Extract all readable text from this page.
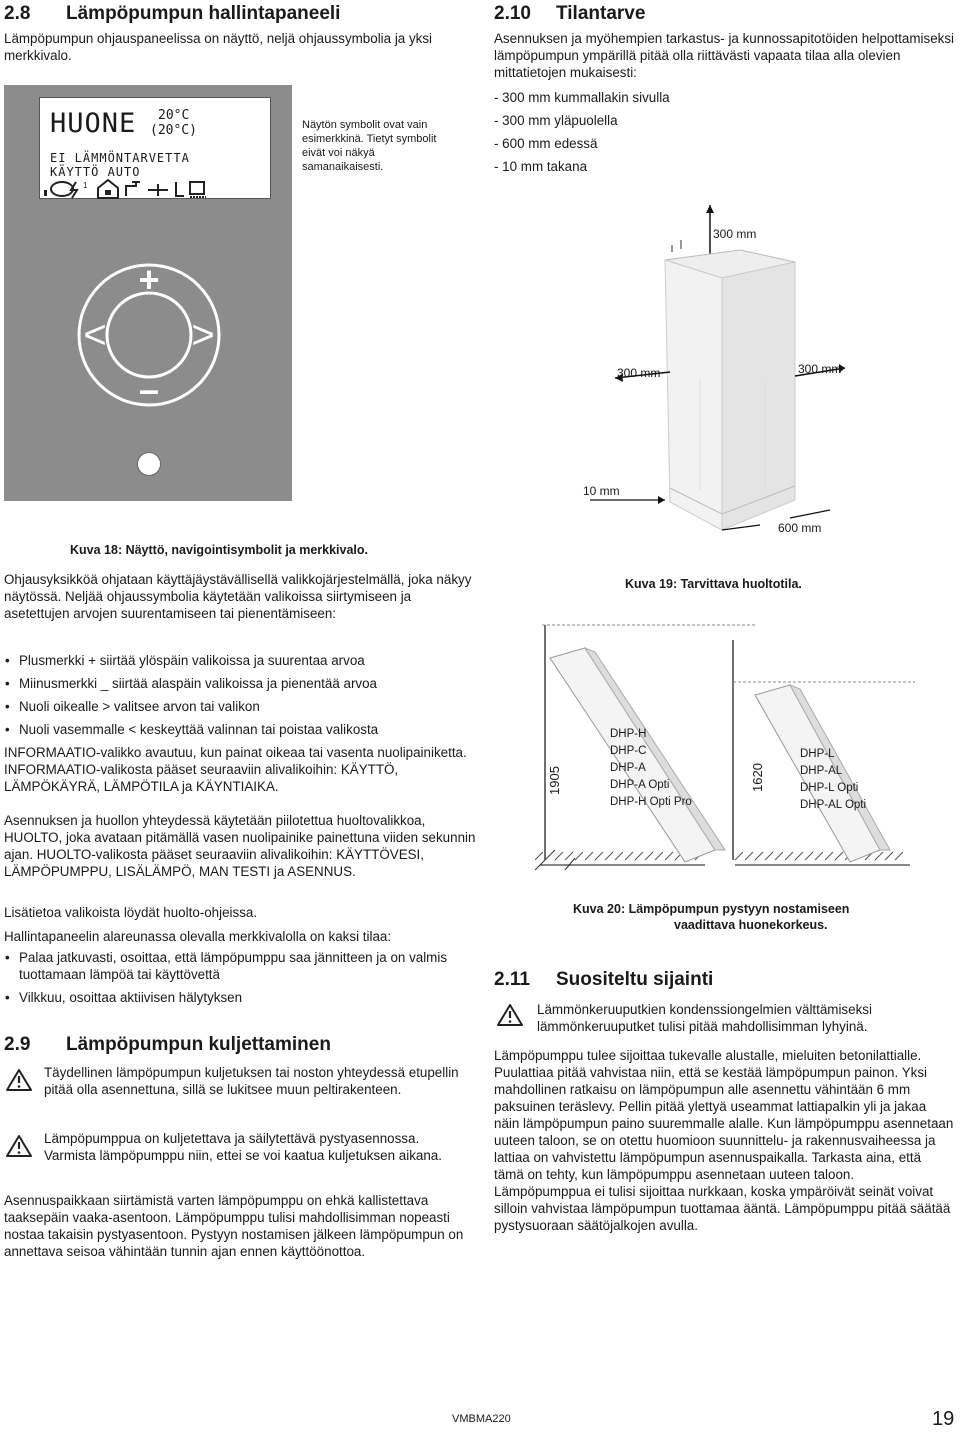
2.8 Lämpöpumpun hallintapaneeli

Lämpöpumpun ohjauspaneelissa on näyttö, neljä ohjaussymbolia ja yksi merkkivalo.

HUONE 20°C
(20°C)
EI LÄMMÖNTARVETTA
KÄYTTÖ AUTO
1
+
–
< >

Näytön symbolit ovat vain esimerkkinä. Tietyt symbolit eivät voi näkyä samanaikaisesti.

Kuva 18: Näyttö, navigointisymbolit ja merkkivalo.

Ohjausyksikköä ohjataan käyttäjäystävällisellä valikkojärjestelmällä, joka näkyy näytössä. Neljää ohjaussymbolia käytetään valikoissa siirtymiseen ja asetettujen arvojen suurentamiseen tai pienentämiseen:

• Plusmerkki + siirtää ylöspäin valikoissa ja suurentaa arvoa
• Miinusmerkki _ siirtää alaspäin valikoissa ja pienentää arvoa
• Nuoli oikealle > valitsee arvon tai valikon
• Nuoli vasemmalle < keskeyttää valinnan tai poistaa valikosta

INFORMAATIO-valikko avautuu, kun painat oikeaa tai vasenta nuolipainiketta. INFORMAATIO-valikosta pääset seuraaviin alivalikoihin: KÄYTTÖ, LÄMPÖKÄYRÄ, LÄMPÖTILA ja KÄYNTIAIKA.

Asennuksen ja huollon yhteydessä käytetään piilotettua huoltovalikkoa, HUOLTO, joka avataan pitämällä vasen nuolipainike painettuna viiden sekunnin ajan. HUOLTO-valikosta pääset seuraaviin alivalikoihin: KÄYTTÖVESI, LÄMPÖPUMPPU, LISÄLÄMPÖ, MAN TESTI ja ASENNUS.

Lisätietoa valikoista löydät huolto-ohjeissa.

Hallintapaneelin alareunassa olevalla merkkivalolla on kaksi tilaa:

• Palaa jatkuvasti, osoittaa, että lämpöpumppu saa jännitteen ja on valmis tuottamaan lämpöä tai käyttövettä
• Vilkkuu, osoittaa aktiivisen hälytyksen
2.9 Lämpöpumpun kuljettaminen

Täydellinen lämpöpumpun kuljetuksen tai noston yhteydessä etupellin pitää olla asennettuna, sillä se lukitsee muun peltirakenteen.

Lämpöpumppua on kuljetettava ja säilytettävä pystyasennossa. Varmista lämpöpumppu niin, ettei se voi kaatua kuljetuksen aikana.

Asennuspaikkaan siirtämistä varten lämpöpumppu on ehkä kallistettava taaksepäin vaaka-asentoon. Lämpöpumppu tulisi mahdollisimman nopeasti nostaa takaisin pystyasentoon. Pystyyn nostamisen jälkeen lämpöpumpun on annettava seisoa vähintään tunnin ajan ennen käyttöönottoa.

2.10 Tilantarve

Asennuksen ja myöhempien tarkastus- ja kunnossapitotöiden helpottamiseksi lämpöpumpun ympärillä pitää olla riittävästi vapaata tilaa alla olevien mittatietojen mukaisesti:

- 300 mm kummallakin sivulla

- 300 mm yläpuolella

- 600 mm edessä

- 10 mm takana

300 mm
300 mm	300 mm
10 mm
600 mm
Kuva 19: Tarvittava huoltotila.
1905
DHP-H
DHP-C
DHP-A
DHP-A Opti
DHP-H Opti Pro
1620
DHP-L
DHP-AL
DHP-L Opti
DHP-AL Opti
Kuva 20: Lämpöpumpun pystyyn nostamiseen
vaadittava huonekorkeus.
2.11 Suositeltu sijainti

Lämmönkeruuputkien kondenssiongelmien välttämiseksi lämmönkeruuputket tulisi pitää mahdollisimman lyhyinä.

Lämpöpumppu tulee sijoittaa tukevalle alustalle, mieluiten betonilattialle. Puulattiaa pitää vahvistaa niin, että se kestää lämpöpumpun painon. Yksi mahdollinen ratkaisu on lämpöpumpun alle asennettu vähintään 6 mm paksuinen teräslevy. Pellin pitää ylettyä useammat lattiapalkin yli ja jakaa näin lämpöpumpun paino suuremmalle alalle. Kun lämpöpumppu asennetaan uuteen taloon, se on otettu huomioon suunnittelu- ja rakennusvaiheessa ja lattiaa on vahvistettu lämpöpumpun asennuspaikalla. Tarkasta aina, että tämä on tehty, kun lämpöpumppu asennetaan uuteen taloon. Lämpöpumppua ei tulisi sijoittaa nurkkaan, koska ympäröivät seinät voivat silloin vahvistaa lämpöpumpun tuottamaa ääntä. Lämpöpumppu pitää säätää pystysuoraan säätöjalkojen avulla.

VMBMA220	19
